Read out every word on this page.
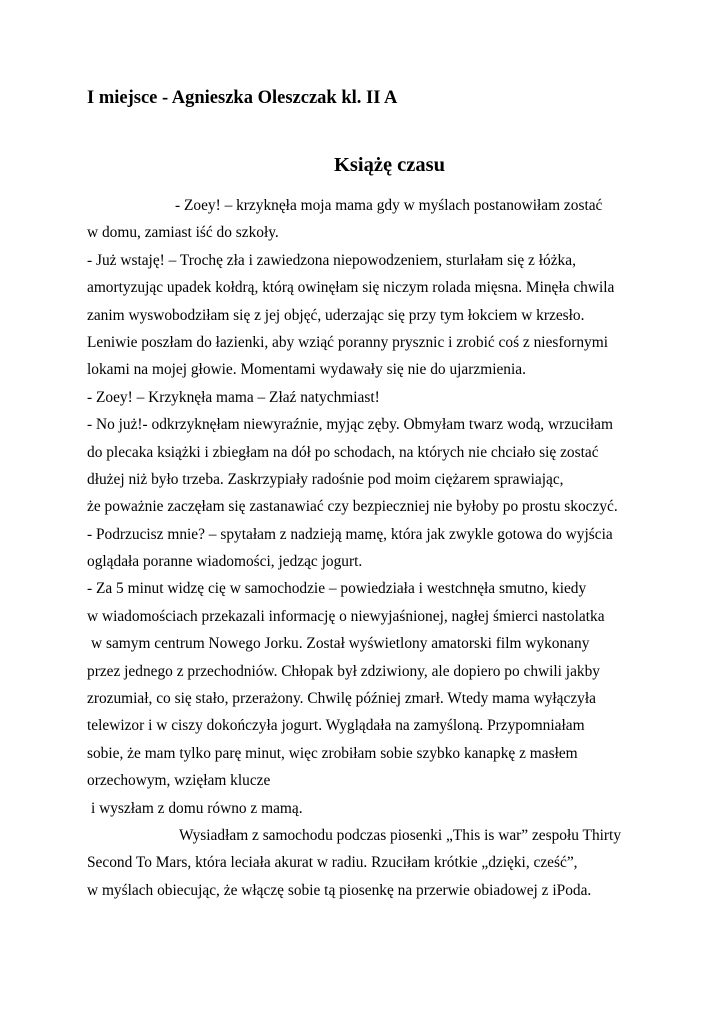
I miejsce - Agnieszka Oleszczak kl. II A
Książę czasu
- Zoey! – krzyknęła moja mama gdy w myślach postanowiłam zostać
w domu, zamiast iść do szkoły.
- Już wstaję! – Trochę zła i zawiedzona niepowodzeniem, sturlałam się z łóżka,
amortyzując upadek kołdrą, którą owinęłam się niczym rolada mięsna. Minęła chwila
zanim wyswobodziłam się z jej objęć, uderzając się przy tym łokciem w krzesło.
Leniwie poszłam do łazienki, aby wziąć poranny prysznic i zrobić coś z niesfornymi
lokami na mojej głowie. Momentami wydawały się nie do ujarzmienia.
- Zoey! – Krzyknęła mama – Złaź natychmiast!
- No już!- odkrzyknęłam niewyraźnie, myjąc zęby. Obmyłam twarz wodą, wrzuciłam
do plecaka książki i zbiegłam na dół po schodach, na których nie chciało się zostać
dłużej niż było trzeba. Zaskrzypiały radośnie pod moim ciężarem sprawiając,
że poważnie zaczęłam się zastanawiać czy bezpieczniej nie byłoby po prostu skoczyć.
- Podrzucisz mnie? – spytałam z nadzieją mamę, która jak zwykle gotowa do wyjścia
oglądała poranne wiadomości, jedząc jogurt.
- Za 5 minut widzę cię w samochodzie – powiedziała i westchnęła smutno, kiedy
w wiadomościach przekazali informację o niewyjaśnionej, nagłej śmierci nastolatka
w samym centrum Nowego Jorku. Został wyświetlony amatorski film wykonany
przez jednego z przechodniów. Chłopak był zdziwiony, ale dopiero po chwili jakby
zrozumiał, co się stało, przerażony. Chwilę później zmarł. Wtedy mama wyłączyła
telewizor i w ciszy dokończyła jogurt. Wyglądała na zamyśloną. Przypomniałam
sobie, że mam tylko parę minut, więc zrobiłam sobie szybko kanapkę z masłem
orzechowym, wzięłam klucze
i wyszłam z domu równo z mamą.
Wysiadłam z samochodu podczas piosenki „This is war” zespołu Thirty
Second To Mars, która leciała akurat w radiu. Rzuciłam krótkie „dzięki, cześć”,
w myślach obiecując, że włączę sobie tą piosenkę na przerwie obiadowej z iPoda.
